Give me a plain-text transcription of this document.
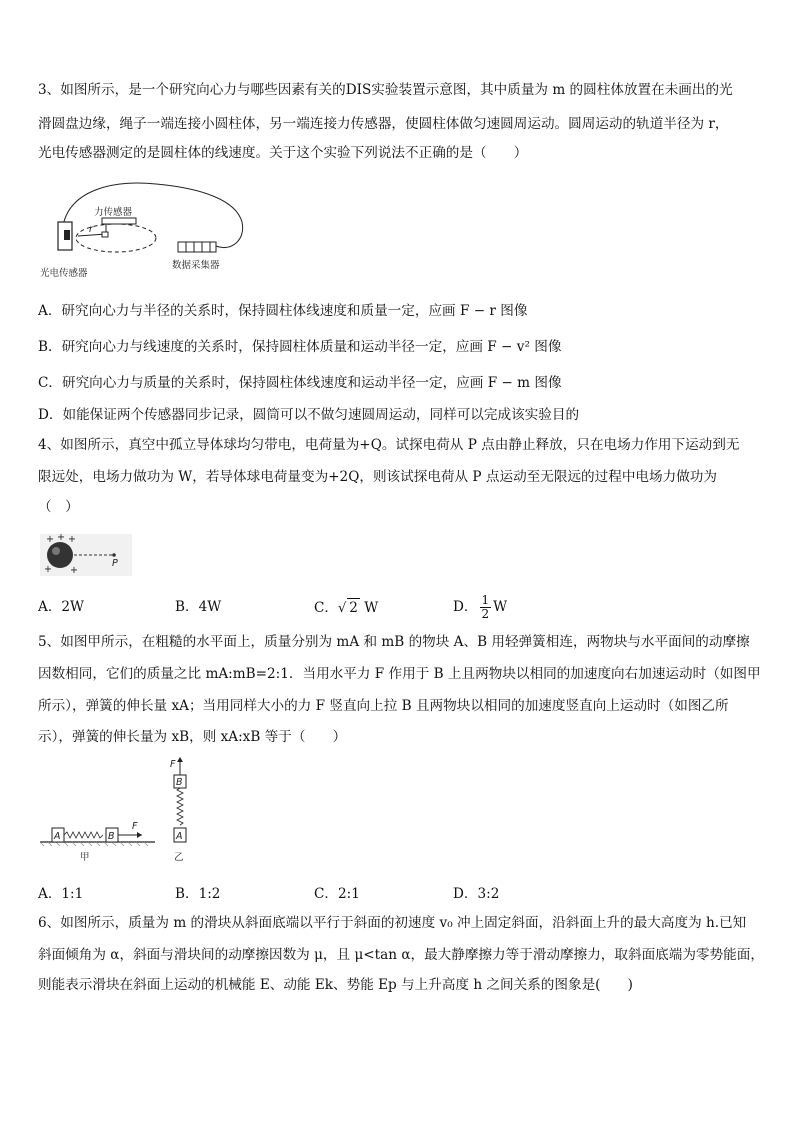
3、如图所示，是一个研究向心力与哪些因素有关的DIS实验装置示意图，其中质量为 m 的圆柱体放置在未画出的光
滑圆盘边缘，绳子一端连接小圆柱体，另一端连接力传感器，使圆柱体做匀速圆周运动。圆周运动的轨道半径为 r，
光电传感器测定的是圆柱体的线速度。关于这个实验下列说法不正确的是（　　）
力传感器
r
光电传感器
数据采集器
A．研究向心力与半径的关系时，保持圆柱体线速度和质量一定，应画 F − r 图像
B．研究向心力与线速度的关系时，保持圆柱体质量和运动半径一定，应画 F − v² 图像
C．研究向心力与质量的关系时，保持圆柱体线速度和运动半径一定，应画 F − m 图像
D．如能保证两个传感器同步记录，圆筒可以不做匀速圆周运动，同样可以完成该实验目的
4、如图所示，真空中孤立导体球均匀带电，电荷量为+Q。试探电荷从 P 点由静止释放，只在电场力作用下运动到无
限远处，电场力做功为 W，若导体球电荷量变为+2Q，则该试探电荷从 P 点运动至无限远的过程中电场力做功为
（　）
+ +
+ +
+
P
A．2W	B．4W	C．√ 2 W	D． $\frac{1}{2}$ W
5、如图甲所示，在粗糙的水平面上，质量分别为 mA 和 mB 的物块 A、B 用轻弹簧相连，两物块与水平面间的动摩擦
因数相同，它们的质量之比 mA:mB=2:1．当用水平力 F 作用于 B 上且两物块以相同的加速度向右加速运动时（如图甲
所示），弹簧的伸长量 xA；当用同样大小的力 F 竖直向上拉 B 且两物块以相同的加速度竖直向上运动时（如图乙所
示），弹簧的伸长量为 xB，则 xA:xB 等于（　　）
A	B
F
甲
F
B
A
乙
A．1:1	B．1:2	C．2:1	D．3:2
6、如图所示，质量为 m 的滑块从斜面底端以平行于斜面的初速度 v₀ 冲上固定斜面，沿斜面上升的最大高度为 h.已知
斜面倾角为 α，斜面与滑块间的动摩擦因数为 μ，且 μ<tan α，最大静摩擦力等于滑动摩擦力，取斜面底端为零势能面，
则能表示滑块在斜面上运动的机械能 E、动能 Ek、势能 Ep 与上升高度 h 之间关系的图象是(　　)
